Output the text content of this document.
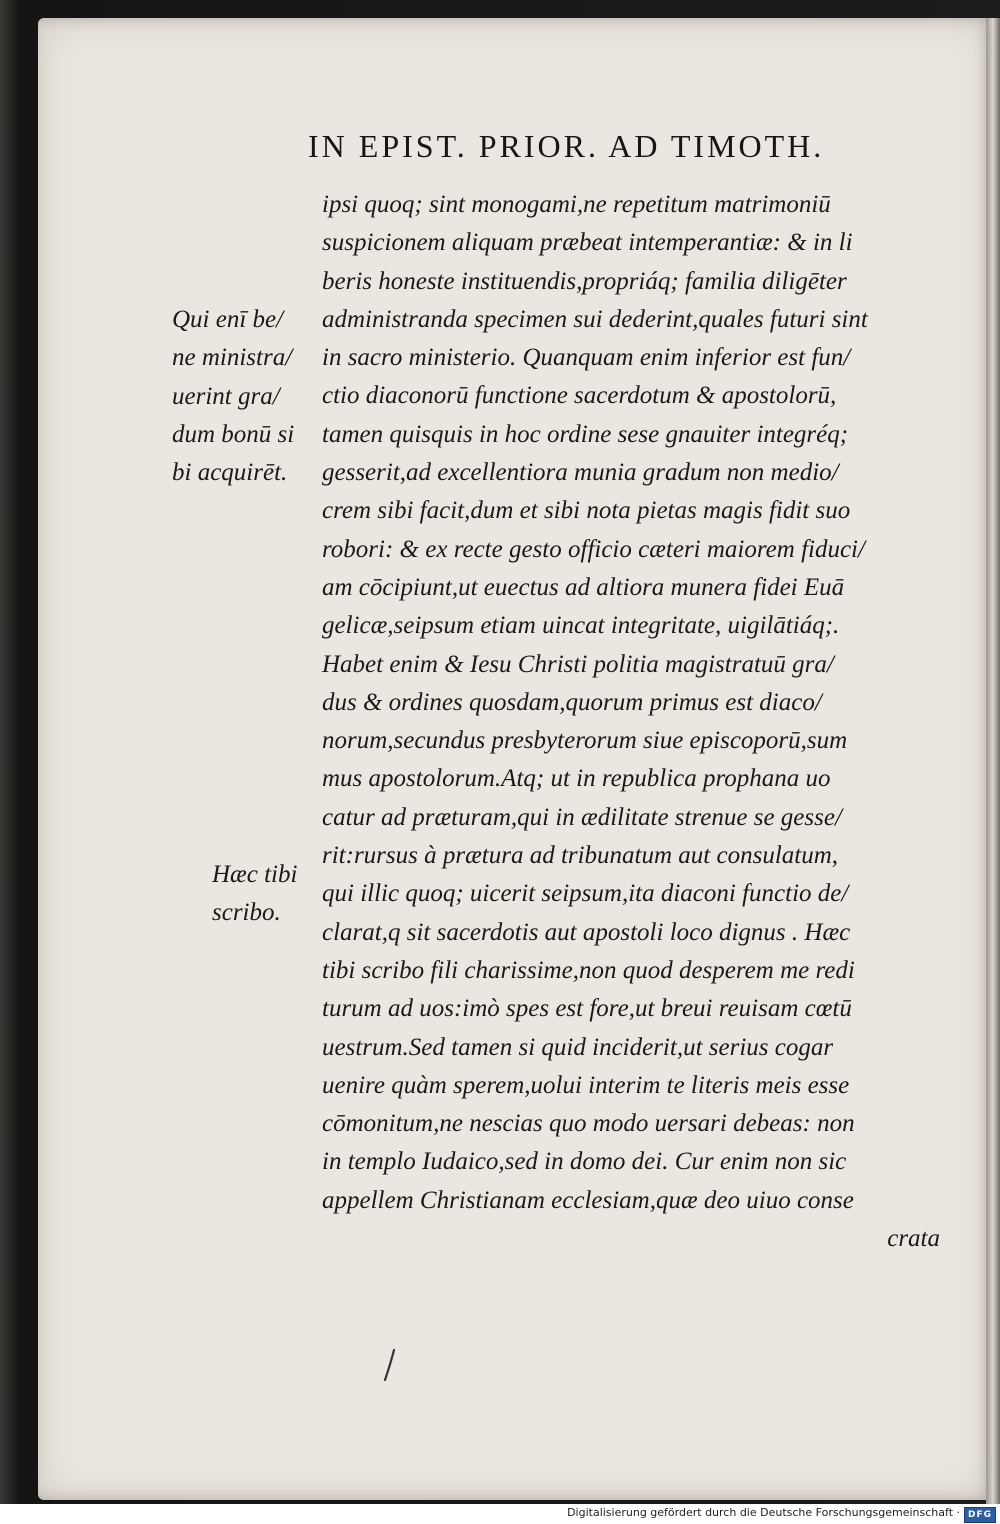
IN EPIST. PRIOR. AD TIMOTH.
Qui enī be/
ne ministra/
uerint gra/
dum bonū si
bi acquirēt.
Hæc tibi
scribo.
ipsi quoq; sint monogami,ne repetitum matrimoniū
suspicionem aliquam præbeat intemperantiæ: & in li
beris honeste instituendis,propriáq; familia diligēter
administranda specimen sui dederint,quales futuri sint
in sacro ministerio. Quanquam enim inferior est fun/
ctio diaconorū functione sacerdotum & apostolorū,
tamen quisquis in hoc ordine sese gnauiter integréq;
gesserit,ad excellentiora munia gradum non medio/
crem sibi facit,dum et sibi nota pietas magis fidit suo
robori: & ex recte gesto officio cæteri maiorem fiduci/
am cōcipiunt,ut euectus ad altiora munera fidei Euā
gelicæ,seipsum etiam uincat integritate, uigilātiáq;.
Habet enim & Iesu Christi politia magistratuū gra/
dus & ordines quosdam,quorum primus est diaco/
norum,secundus presbyterorum siue episcoporū,sum
mus apostolorum.Atq; ut in republica prophana uo
catur ad præturam,qui in ædilitate strenue se gesse/
rit:rursus à prætura ad tribunatum aut consulatum,
qui illic quoq; uicerit seipsum,ita diaconi functio de/
clarat,q sit sacerdotis aut apostoli loco dignus . Hæc
tibi scribo fili charissime,non quod desperem me redi
turum ad uos:imò spes est fore,ut breui reuisam cœtū
uestrum.Sed tamen si quid inciderit,ut serius cogar
uenire quàm sperem,uolui interim te literis meis esse
cōmonitum,ne nescias quo modo uersari debeas: non
in templo Iudaico,sed in domo dei. Cur enim non sic
appellem Christianam ecclesiam,quæ deo uiuo conse
crata
Digitalisierung gefördert durch die Deutsche Forschungsgemeinschaft · DFG
